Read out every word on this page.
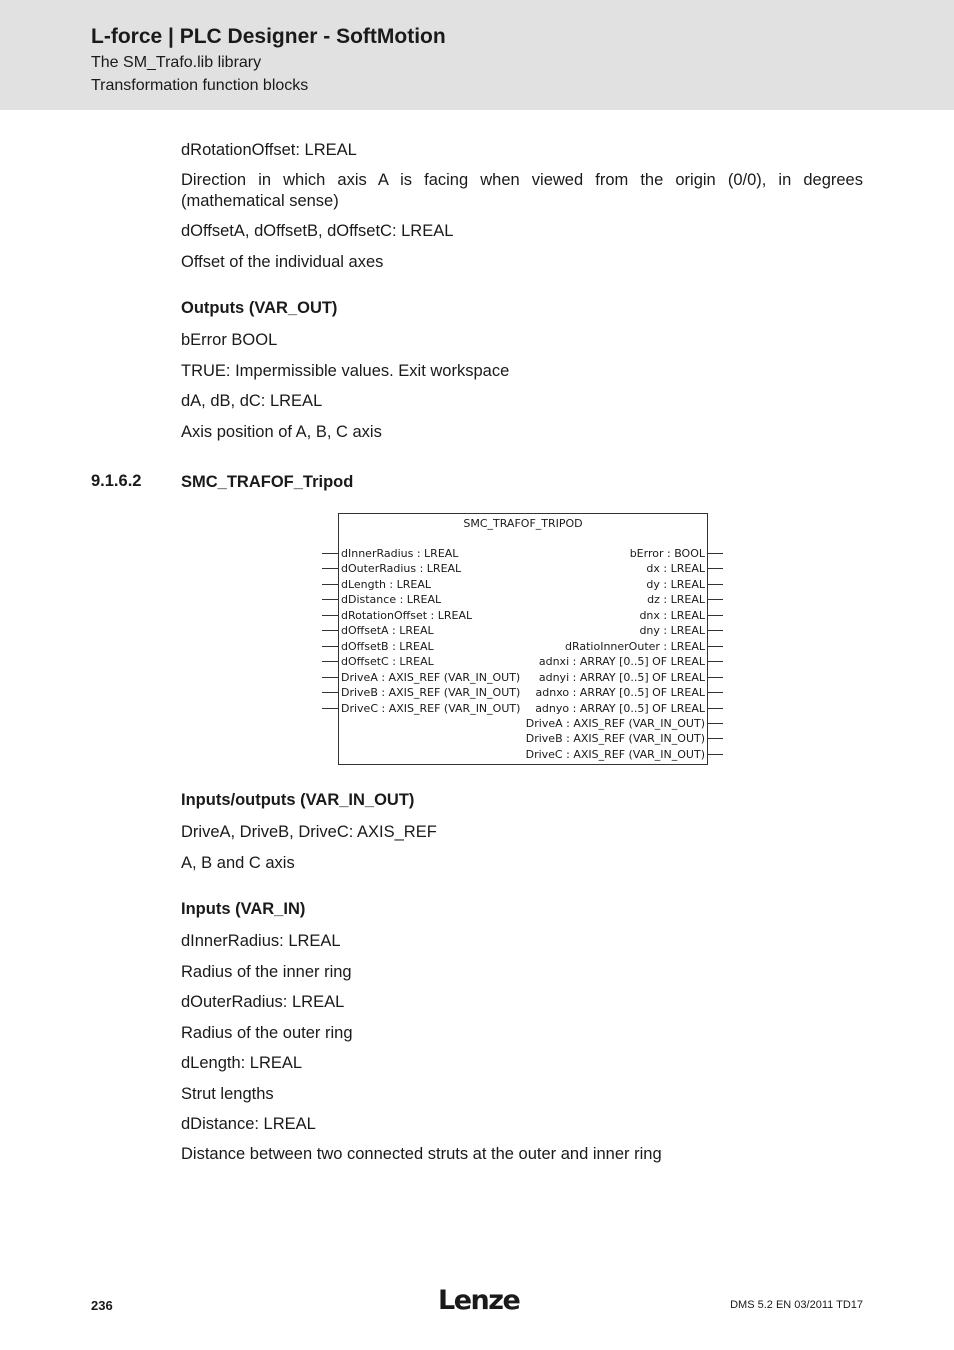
L-force | PLC Designer - SoftMotion
The SM_Trafo.lib library
Transformation function blocks
dRotationOffset: LREAL
Direction in which axis A is facing when viewed from the origin (0/0), in degrees (mathematical sense)
dOffsetA, dOffsetB, dOffsetC: LREAL
Offset of the individual axes
Outputs (VAR_OUT)
bError BOOL
TRUE: Impermissible values. Exit workspace
dA, dB, dC: LREAL
Axis position of A, B, C axis
9.1.6.2 SMC_TRAFOF_Tripod
SMC_TRAFOF_TRIPOD
dInnerRadius : LREAL
dOuterRadius : LREAL
dLength : LREAL
dDistance : LREAL
dRotationOffset : LREAL
dOffsetA : LREAL
dOffsetB : LREAL
dOffsetC : LREAL
DriveA : AXIS_REF (VAR_IN_OUT)
DriveB : AXIS_REF (VAR_IN_OUT)
DriveC : AXIS_REF (VAR_IN_OUT)
bError : BOOL
dx : LREAL
dy : LREAL
dz : LREAL
dnx : LREAL
dny : LREAL
dRatioInnerOuter : LREAL
adnxi : ARRAY [0..5] OF LREAL
adnyi : ARRAY [0..5] OF LREAL
adnxo : ARRAY [0..5] OF LREAL
adnyo : ARRAY [0..5] OF LREAL
DriveA : AXIS_REF (VAR_IN_OUT)
DriveB : AXIS_REF (VAR_IN_OUT)
DriveC : AXIS_REF (VAR_IN_OUT)
Inputs/outputs (VAR_IN_OUT)
DriveA, DriveB, DriveC: AXIS_REF
A, B and C axis
Inputs (VAR_IN)
dInnerRadius: LREAL
Radius of the inner ring
dOuterRadius: LREAL
Radius of the outer ring
dLength: LREAL
Strut lengths
dDistance: LREAL
Distance between two connected struts at the outer and inner ring
236	Lenze	DMS 5.2 EN 03/2011 TD17
